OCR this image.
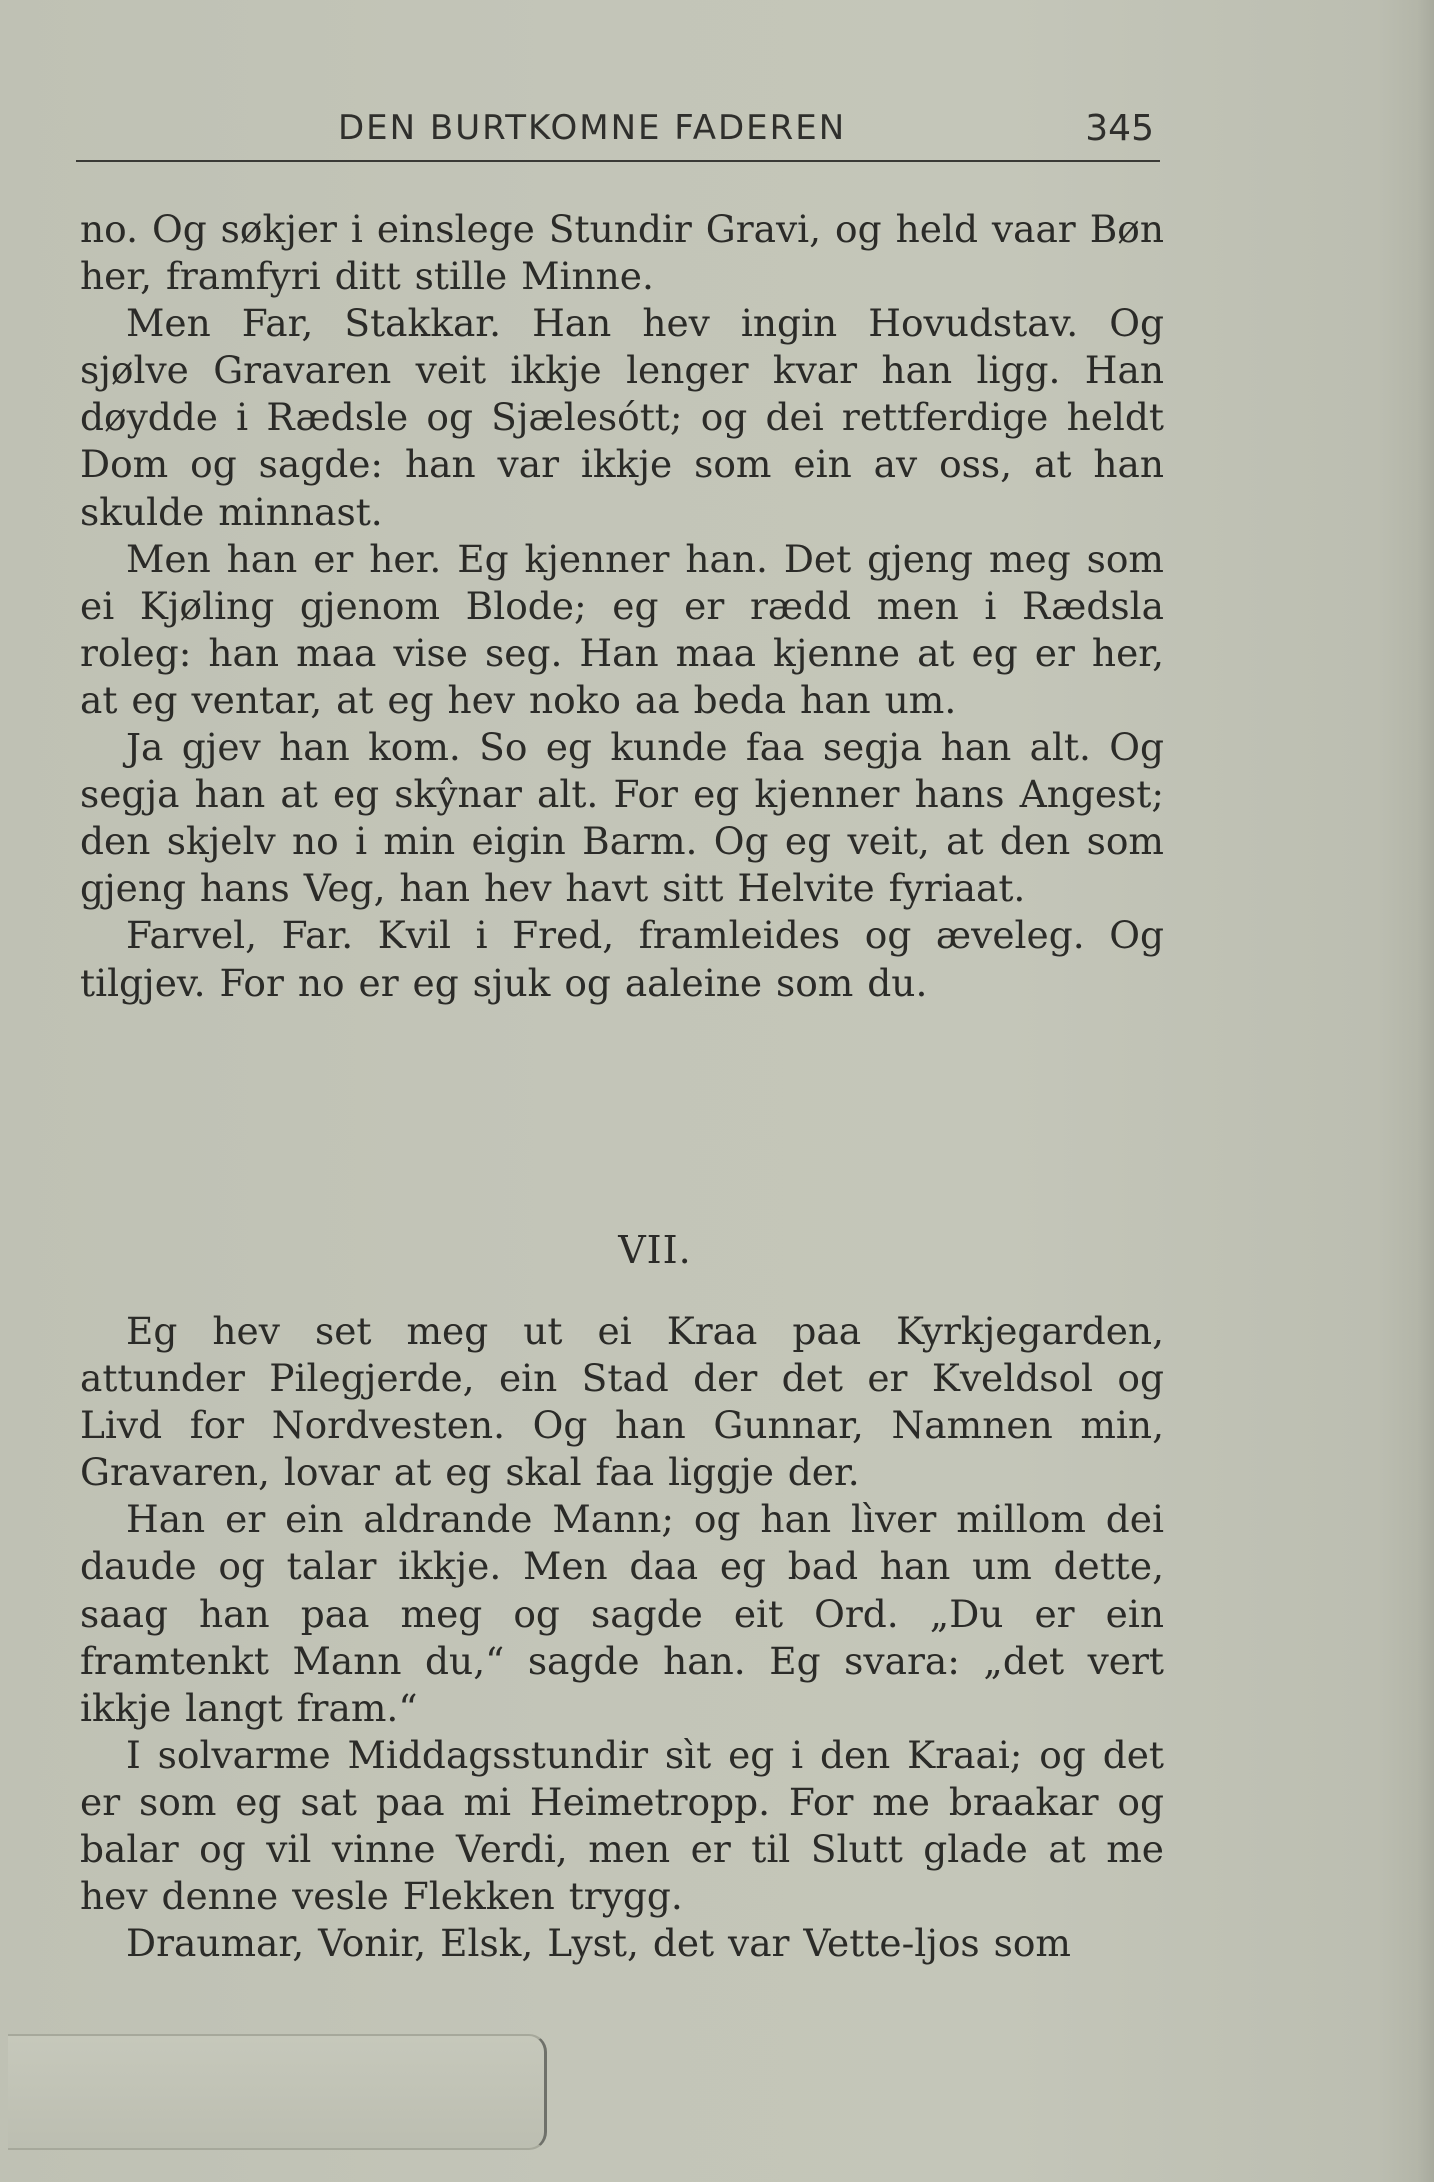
DEN BURTKOMNE FADEREN	345

no. Og søkjer i einslege Stundir Gravi, og held vaar Bøn her, framfyri ditt stille Minne.

Men Far, Stakkar. Han hev ingin Hovudstav. Og sjølve Gravaren veit ikkje lenger kvar han ligg. Han døydde i Rædsle og Sjælesótt; og dei rettferdige heldt Dom og sagde: han var ikkje som ein av oss, at han skulde minnast.

Men han er her. Eg kjenner han. Det gjeng meg som ei Kjøling gjenom Blode; eg er rædd men i Rædsla roleg: han maa vise seg. Han maa kjenne at eg er her, at eg ventar, at eg hev noko aa beda han um.

Ja gjev han kom. So eg kunde faa segja han alt. Og segja han at eg skŷnar alt. For eg kjenner hans Angest; den skjelv no i min eigin Barm. Og eg veit, at den som gjeng hans Veg, han hev havt sitt Helvite fyriaat.

Farvel, Far. Kvil i Fred, framleides og æveleg. Og tilgjev. For no er eg sjuk og aaleine som du.

VII.

Eg hev set meg ut ei Kraa paa Kyrkjegarden, attunder Pilegjerde, ein Stad der det er Kveldsol og Livd for Nordvesten. Og han Gunnar, Namnen min, Gravaren, lovar at eg skal faa liggje der.

Han er ein aldrande Mann; og han lìver millom dei daude og talar ikkje. Men daa eg bad han um dette, saag han paa meg og sagde eit Ord. „Du er ein framtenkt Mann du,“ sagde han. Eg svara: „det vert ikkje langt fram.“

I solvarme Middagsstundir sìt eg i den Kraai; og det er som eg sat paa mi Heimetropp. For me braakar og balar og vil vinne Verdi, men er til Slutt glade at me hev denne vesle Flekken trygg.

Draumar, Vonir, Elsk, Lyst, det var Vette-ljos som
